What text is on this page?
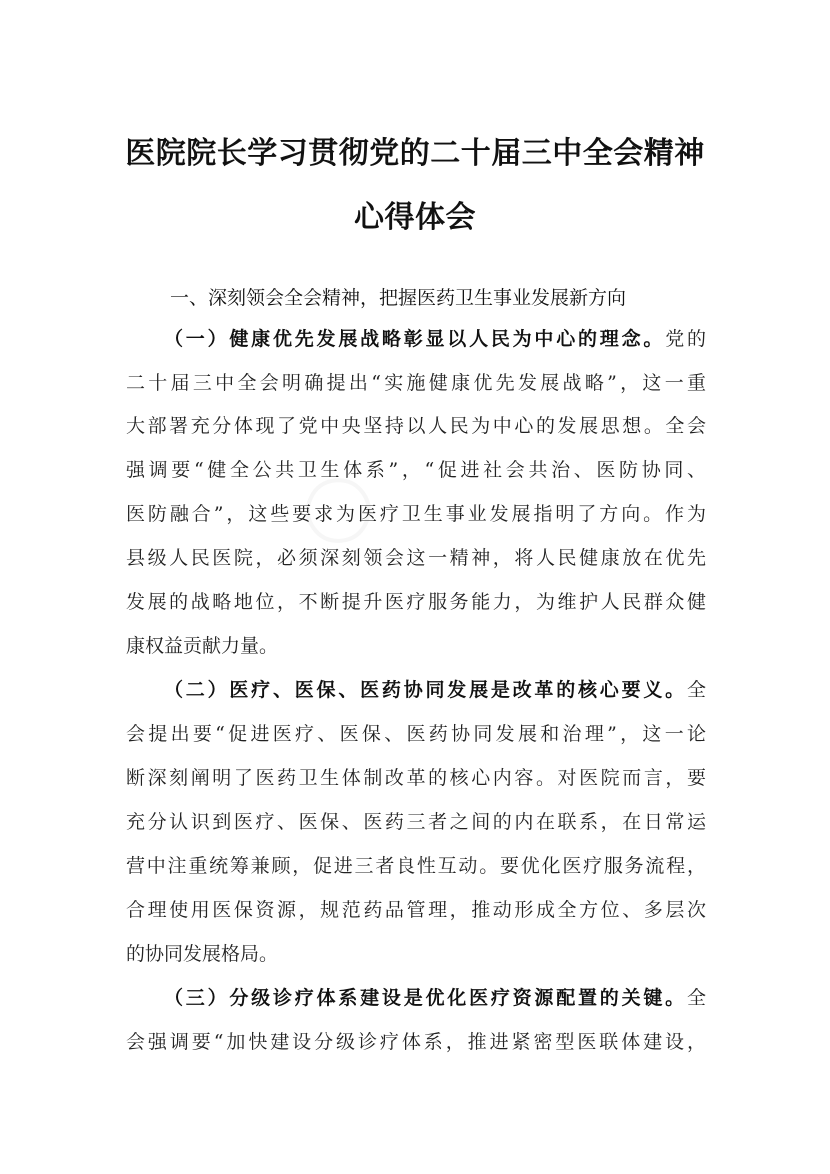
◯
医院院长学习贯彻党的二十届三中全会精神
心得体会
一、深刻领会全会精神，把握医药卫生事业发展新方向
（一）健康优先发展战略彰显以人民为中心的理念。党的
二十届三中全会明确提出“实施健康优先发展战略”，这一重
大部署充分体现了党中央坚持以人民为中心的发展思想。全会
强调要“健全公共卫生体系”，“促进社会共治、医防协同、
医防融合”，这些要求为医疗卫生事业发展指明了方向。作为
县级人民医院，必须深刻领会这一精神，将人民健康放在优先
发展的战略地位，不断提升医疗服务能力，为维护人民群众健
康权益贡献力量。
（二）医疗、医保、医药协同发展是改革的核心要义。全
会提出要“促进医疗、医保、医药协同发展和治理”，这一论
断深刻阐明了医药卫生体制改革的核心内容。对医院而言，要
充分认识到医疗、医保、医药三者之间的内在联系，在日常运
营中注重统筹兼顾，促进三者良性互动。要优化医疗服务流程，
合理使用医保资源，规范药品管理，推动形成全方位、多层次
的协同发展格局。
（三）分级诊疗体系建设是优化医疗资源配置的关键。全
会强调要“加快建设分级诊疗体系，推进紧密型医联体建设，
